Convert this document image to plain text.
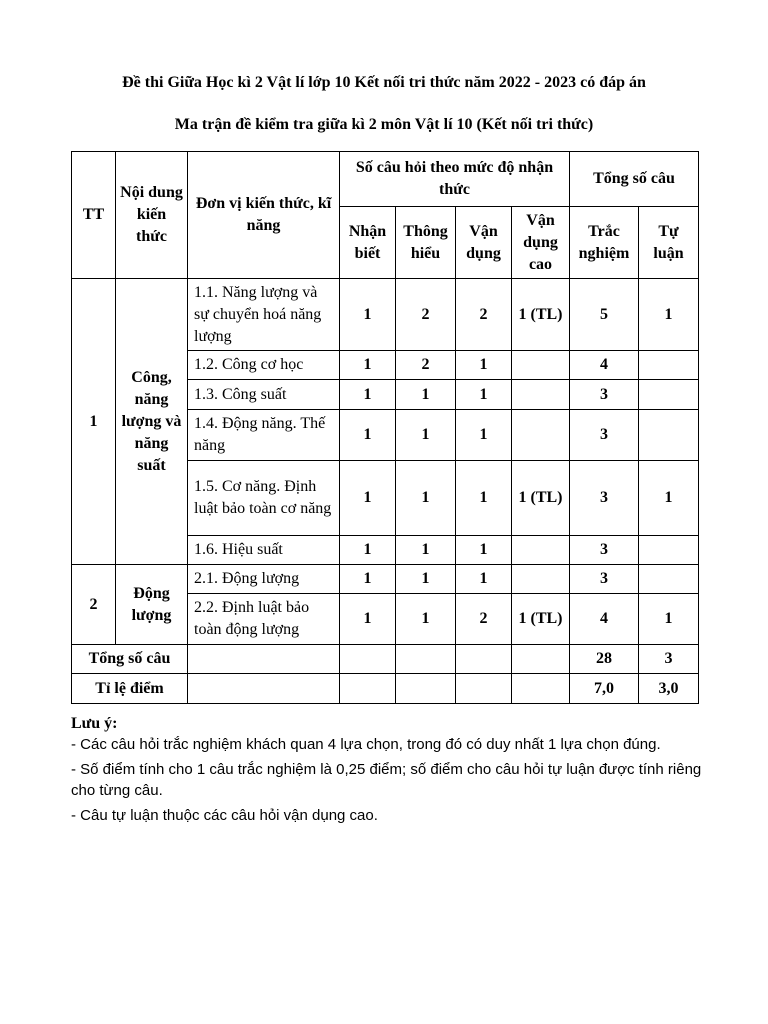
Đề thi Giữa Học kì 2 Vật lí lớp 10 Kết nối tri thức năm 2022 - 2023 có đáp án
Ma trận đề kiểm tra giữa kì 2 môn Vật lí 10 (Kết nối tri thức)
TT	Nội dung kiến thức	Đơn vị kiến thức, kĩ năng	Số câu hỏi theo mức độ nhận thức				Tổng số câu	
			Nhận biết	Thông hiểu	Vận dụng	Vận dụng cao	Trắc nghiệm	Tự luận
1	Công, năng lượng và năng suất	1.1. Năng lượng và sự chuyển hoá năng lượng	1	2	2	1 (TL)	5	1
		1.2. Công cơ học	1	2	1		4	
		1.3. Công suất	1	1	1		3	
		1.4. Động năng. Thế năng	1	1	1		3	
		1.5. Cơ năng. Định luật bảo toàn cơ năng	1	1	1	1 (TL)	3	1
		1.6. Hiệu suất	1	1	1		3	
2	Động lượng	2.1. Động lượng	1	1	1		3	
		2.2. Định luật bảo toàn động lượng	1	1	2	1 (TL)	4	1
Tổng số câu							28	3
Tỉ lệ điểm							7,0	3,0
Lưu ý:

- Các câu hỏi trắc nghiệm khách quan 4 lựa chọn, trong đó có duy nhất 1 lựa chọn đúng.

- Số điểm tính cho 1 câu trắc nghiệm là 0,25 điểm; số điểm cho câu hỏi tự luận được tính riêng cho từng câu.

- Câu tự luận thuộc các câu hỏi vận dụng cao.
